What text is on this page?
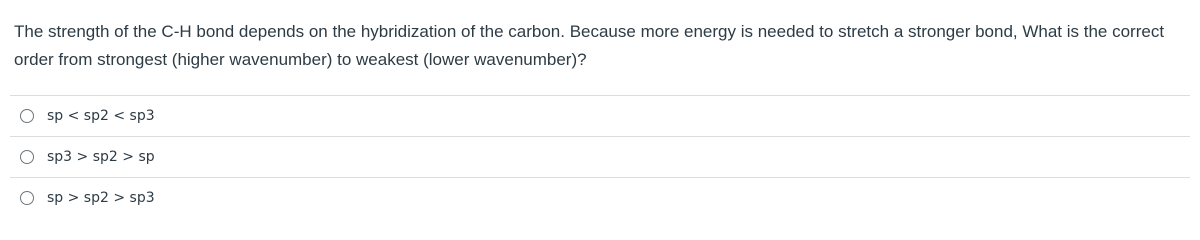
The strength of the C-H bond depends on the hybridization of the carbon. Because more energy is needed to stretch a stronger bond, What is the correct order from strongest (higher wavenumber) to weakest (lower wavenumber)?

sp < sp2 < sp3
sp3 > sp2 > sp
sp > sp2 > sp3
